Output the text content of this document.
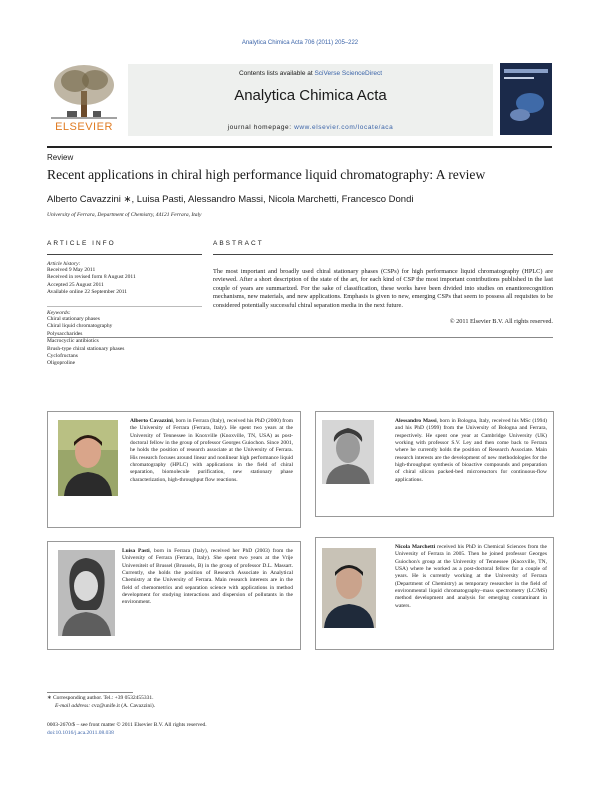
Analytica Chimica Acta 706 (2011) 205–222
ELSEVIER
Contents lists available at SciVerse ScienceDirect
Analytica Chimica Acta
journal homepage: www.elsevier.com/locate/aca
Review
Recent applications in chiral high performance liquid chromatography: A review
Alberto Cavazzini ∗, Luisa Pasti, Alessandro Massi, Nicola Marchetti, Francesco Dondi
University of Ferrara, Department of Chemistry, 44121 Ferrara, Italy
ARTICLE INFO
Article history:
Received 9 May 2011
Received in revised form 8 August 2011
Accepted 25 August 2011
Available online 22 September 2011
Keywords:
Chiral stationary phases
Chiral liquid chromatography
Polysaccharides
Macrocyclic antibiotics
Brush-type chiral stationary phases
Cyclofructans
Oligoproline
ABSTRACT
The most important and broadly used chiral stationary phases (CSPs) for high performance liquid chromatography (HPLC) are reviewed. After a short description of the state of the art, for each kind of CSP the most important contributions published in the last couple of years are summarized. For the sake of classification, these works have been divided into studies on enantiorecognition mechanisms, new materials, and new applications. Emphasis is given to new, emerging CSPs that seem to possess all requisites to be considered potentially successful chiral separation media in the next future.
© 2011 Elsevier B.V. All rights reserved.
Alberto Cavazzini, born in Ferrara (Italy), received his PhD (2000) from the University of Ferrara (Ferrara, Italy). He spent two years at the University of Tennessee in Knoxville (Knoxville, TN, USA) as post-doctoral fellow in the group of professor Georges Guiochon. Since 2001, he holds the position of research associate at the University of Ferrara. His research focuses around linear and nonlinear high performance liquid chromatography (HPLC) with applications in the field of chiral separation, biomolecule purification, new stationary phase characterization, high-throughput flow reactions.
Alessandro Massi, born in Bologna, Italy, received his MSc (1994) and his PhD (1999) from the University of Bologna and Ferrara, respectively. He spent one year at Cambridge University (UK) working with professor S.V. Ley and then come back to Ferrara where he currently holds the position of Research Associate. Main research interests are the development of new methodologies for the high-throughput synthesis of bioactive compounds and preparation of chiral silicon packed-bed microreactors for continuous-flow applications.
Luisa Pasti, born in Ferrara (Italy), received her PhD (2003) from the University of Ferrara (Ferrara, Italy). She spent two years at the Vrije Universiteit of Brussel (Brussels, B) in the group of professor D.L. Massart. Currently, she holds the position of Research Associate in Analytical Chemistry at the University of Ferrara. Main research interests are in the field of chemometrics and separation science with applications in method development for studying interactions and dispersion of pollutants in the environment.
Nicola Marchetti received his PhD in Chemical Sciences from the University of Ferrara in 2005. Then he joined professor Georges Guiochon's group at the University of Tennessee (Knoxville, TN, USA) where he worked as a post-doctoral fellow for a couple of years. He is currently working at the University of Ferrara (Department of Chemistry) as temporary researcher in the field of environmental liquid chromatography–mass spectrometry (LC/MS) method development and analysis for emerging contaminant in waters.
∗ Corresponding author. Tel.: +39 0532455331.
E-mail address: cvz@unife.it (A. Cavazzini).
0003-2670/$ – see front matter © 2011 Elsevier B.V. All rights reserved.
doi:10.1016/j.aca.2011.08.038
